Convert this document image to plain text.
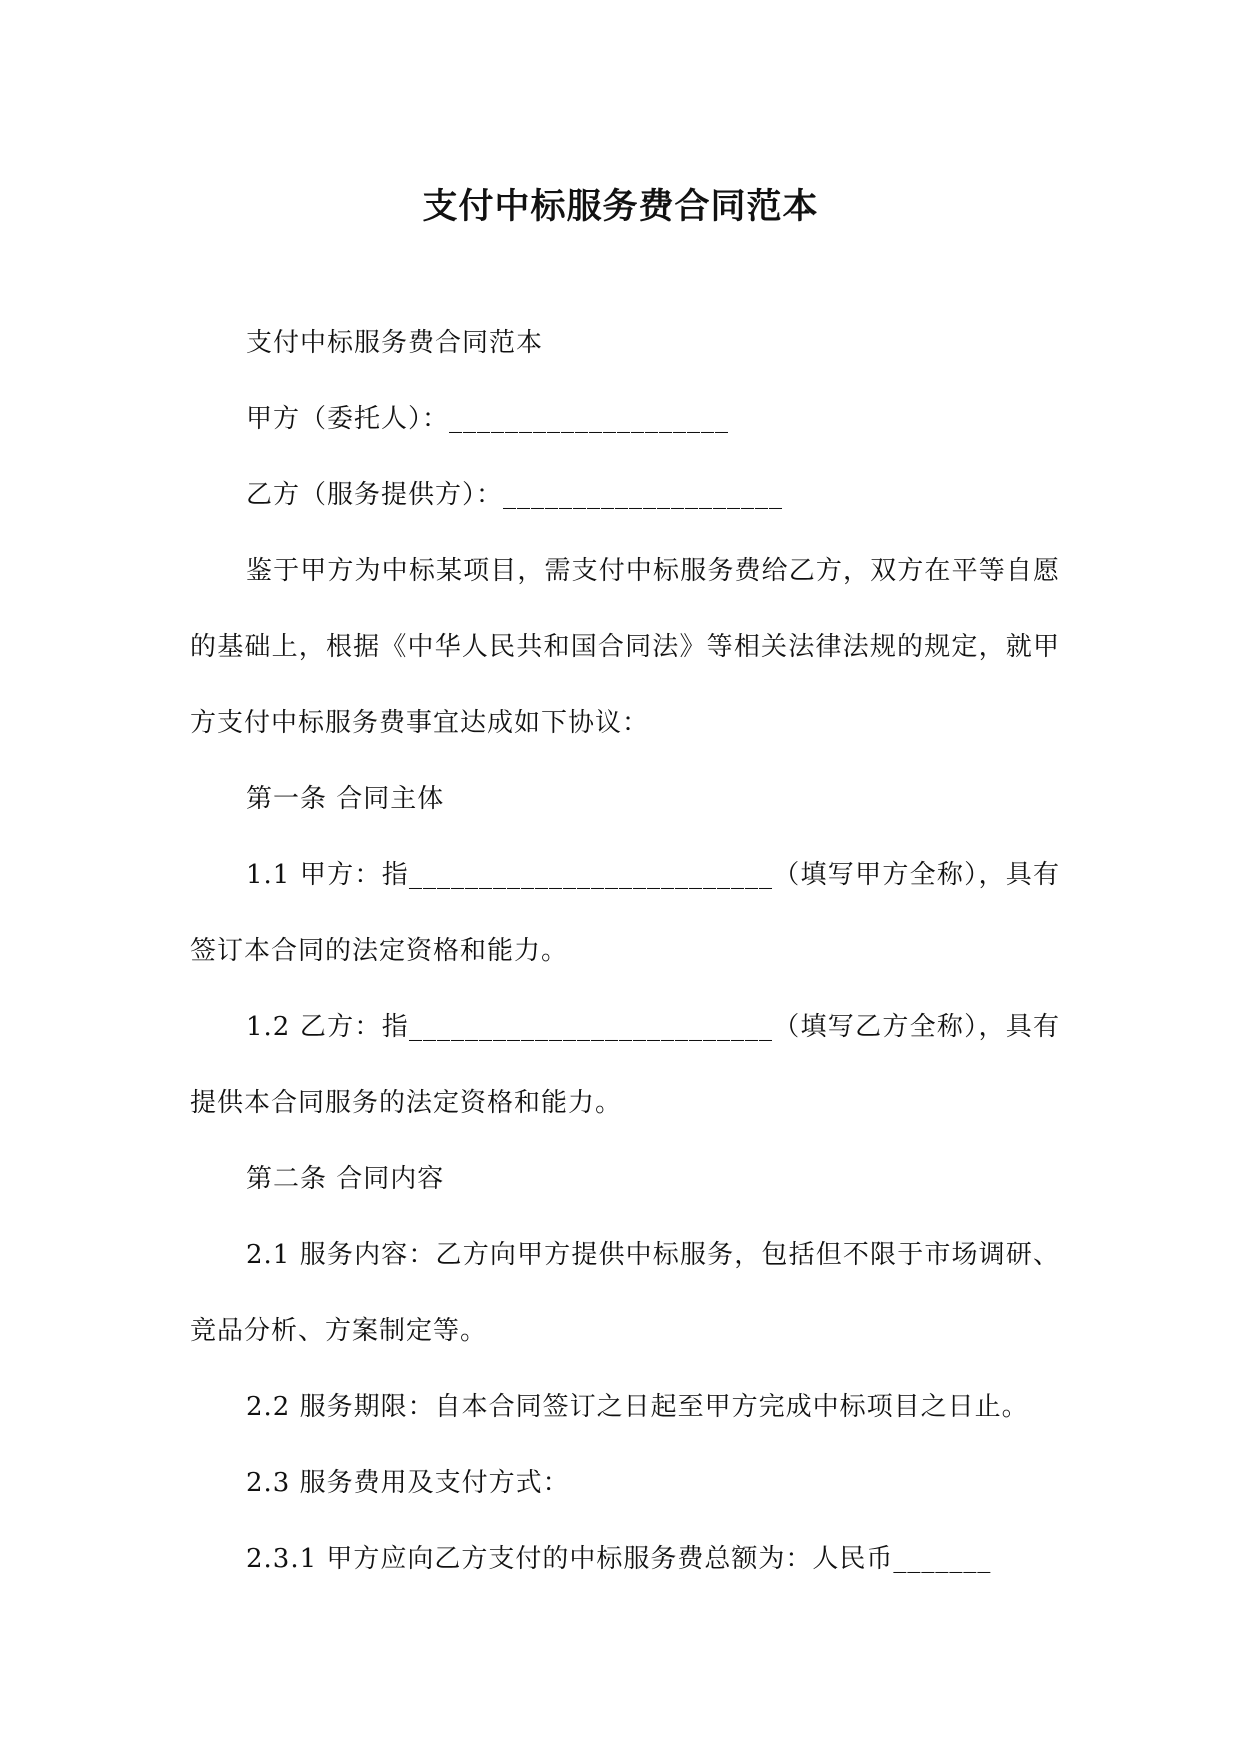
支付中标服务费合同范本

支付中标服务费合同范本

甲方（委托人）：____________________

乙方（服务提供方）：____________________

鉴于甲方为中标某项目，需支付中标服务费给乙方，双方在平等自愿的基础上，根据《中华人民共和国合同法》等相关法律法规的规定，就甲方支付中标服务费事宜达成如下协议：

第一条 合同主体

1.1 甲方：指__________________________（填写甲方全称），具有签订本合同的法定资格和能力。

1.2 乙方：指__________________________（填写乙方全称），具有提供本合同服务的法定资格和能力。

第二条 合同内容

2.1 服务内容：乙方向甲方提供中标服务，包括但不限于市场调研、竞品分析、方案制定等。

2.2 服务期限：自本合同签订之日起至甲方完成中标项目之日止。

2.3 服务费用及支付方式：

2.3.1 甲方应向乙方支付的中标服务费总额为：人民币_______
